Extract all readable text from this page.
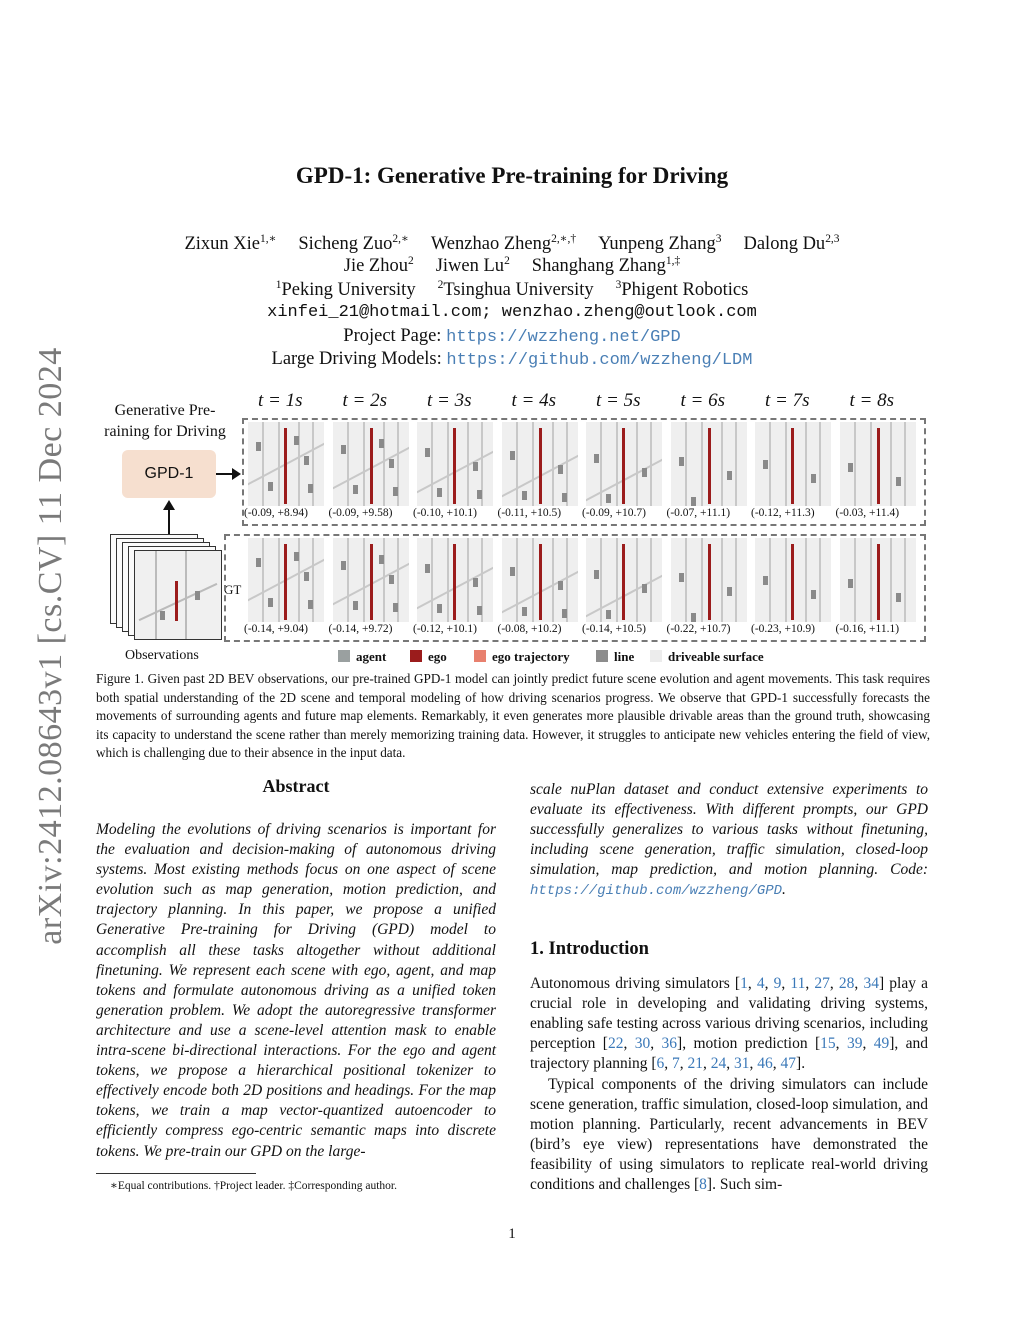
arXiv:2412.08643v1 [cs.CV] 11 Dec 2024
GPD-1: Generative Pre-training for Driving
Zixun Xie$^{1,∗}$ Sicheng Zuo$^{2,∗}$ Wenzhao Zheng$^{2,∗,\dagger}$ Yunpeng Zhang$^3$ Dalong Du$^{2,3}$
Jie Zhou$^2$ Jiwen Lu$^2$ Shanghang Zhang$^{1,\ddagger}$
$^1$Peking University $^2$Tsinghua University $^3$Phigent Robotics
xinfei_21@hotmail.com; wenzhao.zheng@outlook.com
Project Page: https://wzzheng.net/GPD
Large Driving Models: https://github.com/wzzheng/LDM
Generative Pre-
raining for Driving
GPD-1
Observations
GT
t = 1s t = 2s t = 3s t = 4s t = 5s t = 6s t = 7s t = 8s
(-0.09, +8.94) (-0.09, +9.58) (-0.10, +10.1) (-0.11, +10.5) (-0.09, +10.7) (-0.07, +11.1) (-0.12, +11.3) (-0.03, +11.4)
(-0.14, +9.04) (-0.14, +9.72) (-0.12, +10.1) (-0.08, +10.2) (-0.14, +10.5) (-0.22, +10.7) (-0.23, +10.9) (-0.16, +11.1)
agent	ego	ego trajectory	line	driveable surface
Figure 1. Given past 2D BEV observations, our pre-trained GPD-1 model can jointly predict future scene evolution and agent movements. This task requires both spatial understanding of the 2D scene and temporal modeling of how driving scenarios progress. We observe that GPD-1 successfully forecasts the movements of surrounding agents and future map elements. Remarkably, it even generates more plausible drivable areas than the ground truth, showcasing its capacity to understand the scene rather than merely memorizing training data. However, it struggles to anticipate new vehicles entering the field of view, which is challenging due to their absence in the input data.
Abstract
Modeling the evolutions of driving scenarios is important for the evaluation and decision-making of autonomous driving systems. Most existing methods focus on one aspect of scene evolution such as map generation, motion prediction, and trajectory planning. In this paper, we propose a unified Generative Pre-training for Driving (GPD) model to accomplish all these tasks altogether without additional finetuning. We represent each scene with ego, agent, and map tokens and formulate autonomous driving as a unified token generation problem. We adopt the autoregressive transformer architecture and use a scene-level attention mask to enable intra-scene bi-directional interactions. For the ego and agent tokens, we propose a hierarchical positional tokenizer to effectively encode both 2D positions and headings. For the map tokens, we train a map vector-quantized autoencoder to efficiently compress ego-centric semantic maps into discrete tokens. We pre-train our GPD on the large-
scale nuPlan dataset and conduct extensive experiments to evaluate its effectiveness. With different prompts, our GPD successfully generalizes to various tasks without finetuning, including scene generation, traffic simulation, closed-loop simulation, map prediction, and motion planning. Code: https://github.com/wzzheng/GPD.
1. Introduction
Autonomous driving simulators [1, 4, 9, 11, 27, 28, 34] play a crucial role in developing and validating driving systems, enabling safe testing across various driving scenarios, including perception [22, 30, 36], motion prediction [15, 39, 49], and trajectory planning [6, 7, 21, 24, 31, 46, 47].
Typical components of the driving simulators can include scene generation, traffic simulation, closed-loop simulation, and motion planning. Particularly, recent advancements in BEV (bird’s eye view) representations have demonstrated the feasibility of using simulators to replicate real-world driving conditions and challenges [8]. Such sim-
∗Equal contributions. †Project leader. ‡Corresponding author.
1
